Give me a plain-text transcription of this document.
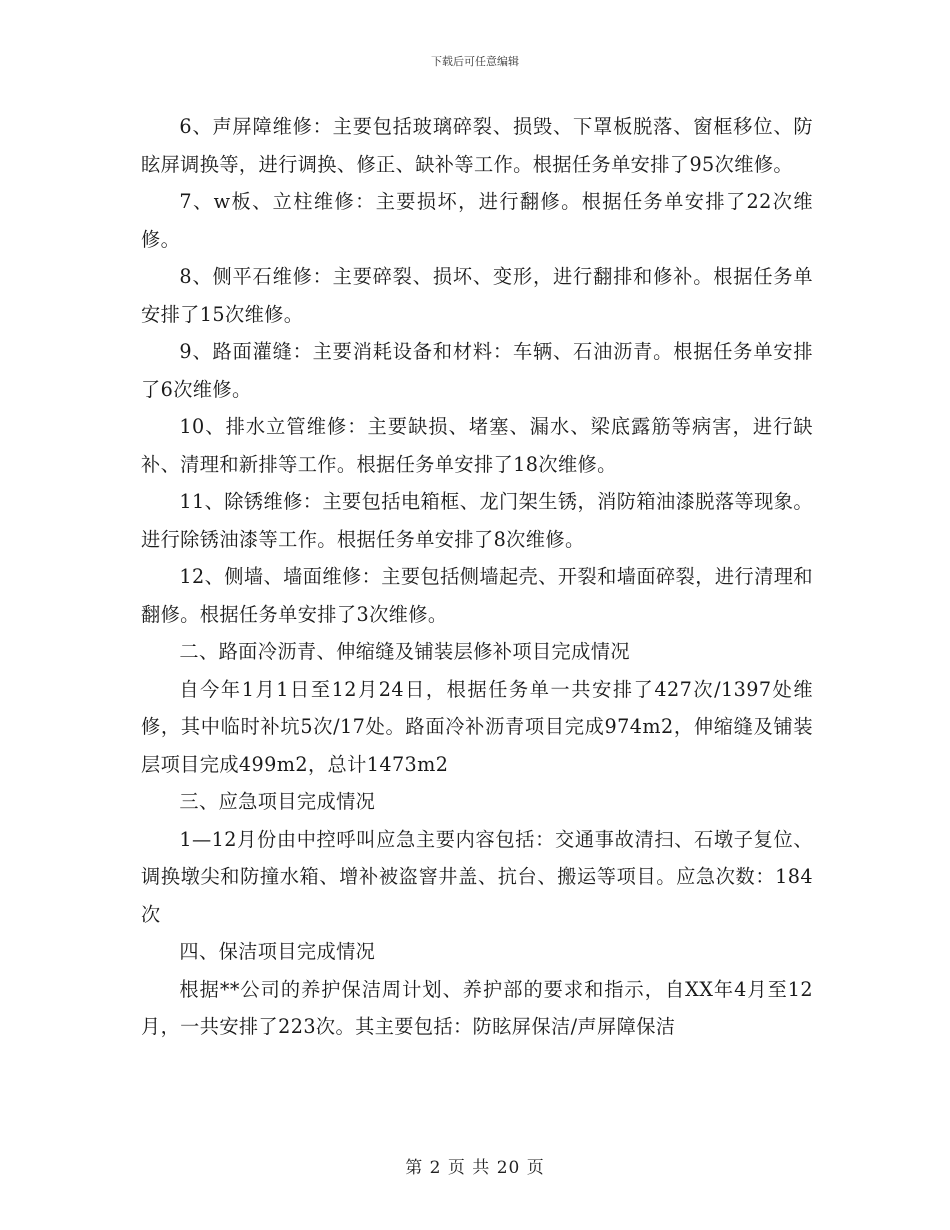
下载后可任意编辑

6、声屏障维修：主要包括玻璃碎裂、损毁、下罩板脱落、窗框移位、防眩屏调换等，进行调换、修正、缺补等工作。根据任务单安排了95次维修。

7、w板、立柱维修：主要损坏，进行翻修。根据任务单安排了22次维修。

8、侧平石维修：主要碎裂、损坏、变形，进行翻排和修补。根据任务单安排了15次维修。

9、路面灌缝：主要消耗设备和材料：车辆、石油沥青。根据任务单安排了6次维修。

10、排水立管维修：主要缺损、堵塞、漏水、梁底露筋等病害，进行缺补、清理和新排等工作。根据任务单安排了18次维修。

11、除锈维修：主要包括电箱框、龙门架生锈，消防箱油漆脱落等现象。进行除锈油漆等工作。根据任务单安排了8次维修。

12、侧墙、墙面维修：主要包括侧墙起壳、开裂和墙面碎裂，进行清理和翻修。根据任务单安排了3次维修。

二、路面冷沥青、伸缩缝及铺装层修补项目完成情况

自今年1月1日至12月24日，根据任务单一共安排了427次/1397处维修，其中临时补坑5次/17处。路面冷补沥青项目完成974m2，伸缩缝及铺装层项目完成499m2，总计1473m2

三、应急项目完成情况

1—12月份由中控呼叫应急主要内容包括：交通事故清扫、石墩子复位、调换墩尖和防撞水箱、增补被盗窨井盖、抗台、搬运等项目。应急次数：184次

四、保洁项目完成情况

根据**公司的养护保洁周计划、养护部的要求和指示，自XX年4月至12月，一共安排了223次。其主要包括：防眩屏保洁/声屏障保洁

第 2 页 共 20 页
